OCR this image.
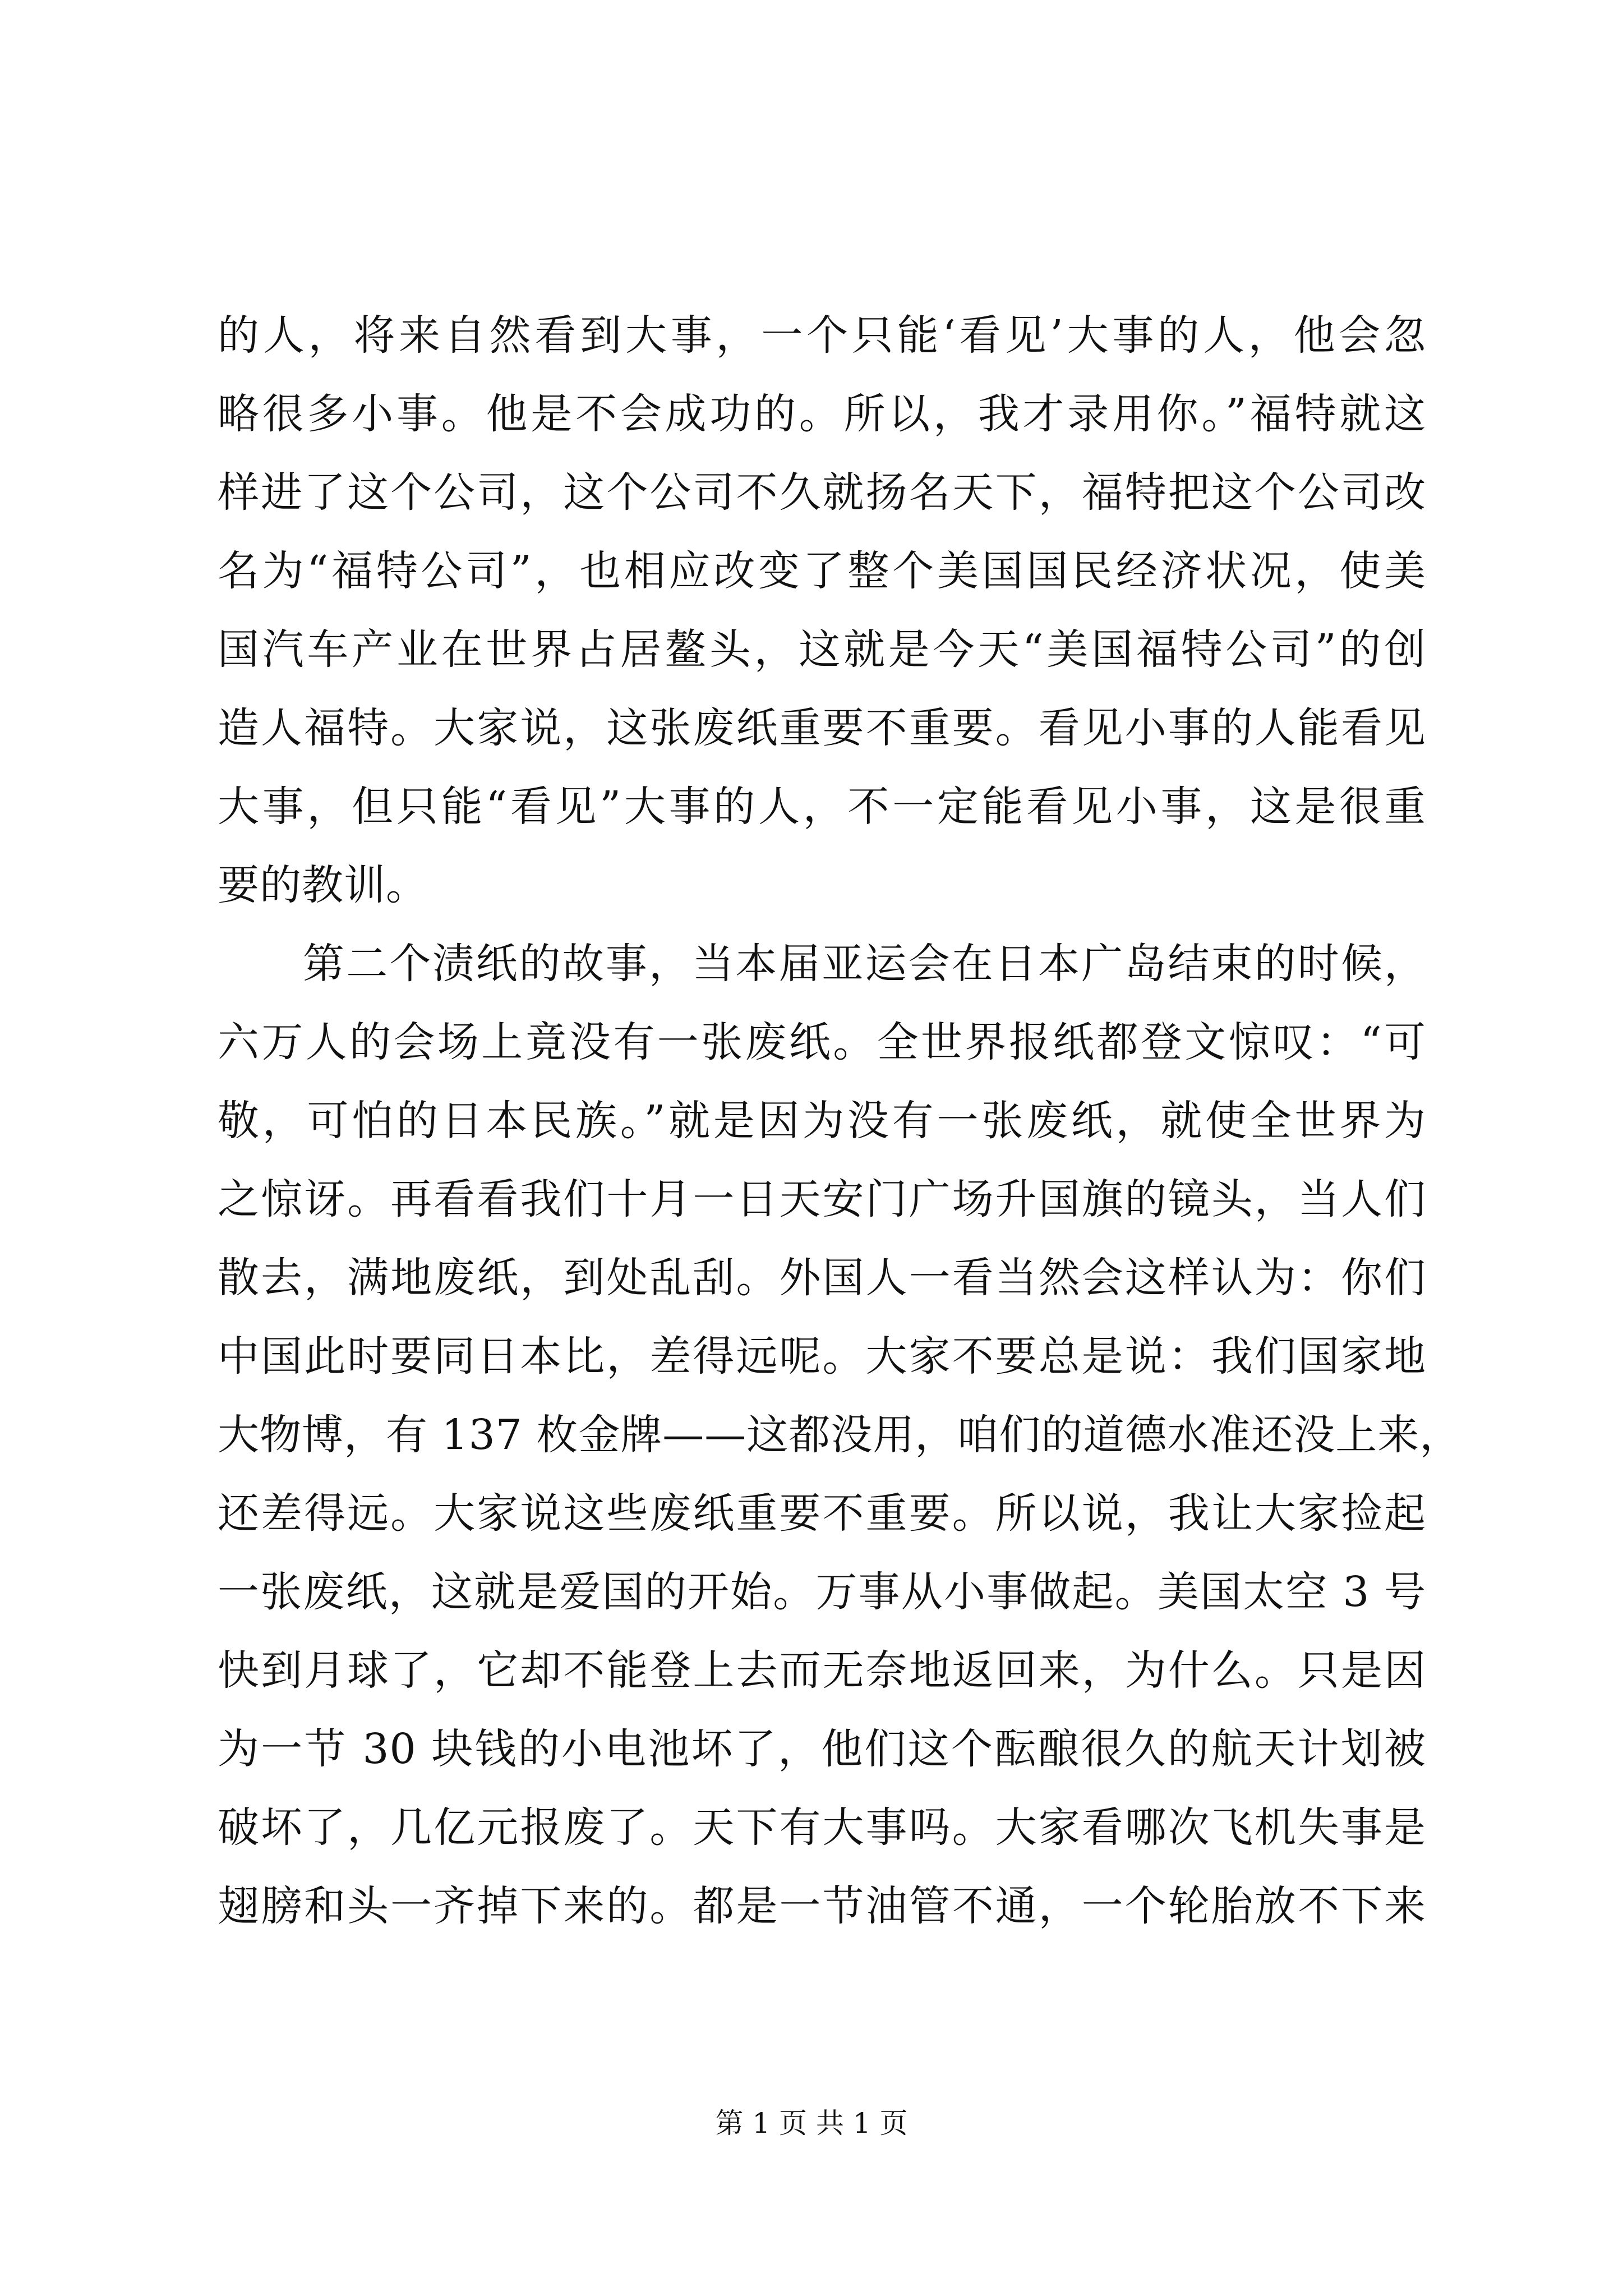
的人，将来自然看到大事，一个只能‘看见’大事的人，他会忽
略很多小事。他是不会成功的。所以，我才录用你。”福特就这
样进了这个公司，这个公司不久就扬名天下，福特把这个公司改
名为“福特公司”，也相应改变了整个美国国民经济状况，使美
国汽车产业在世界占居鳌头，这就是今天“美国福特公司”的创
造人福特。大家说，这张废纸重要不重要。看见小事的人能看见
大事，但只能“看见”大事的人，不一定能看见小事，这是很重
要的教训。
第二个渍纸的故事，当本届亚运会在日本广岛结束的时候，
六万人的会场上竟没有一张废纸。全世界报纸都登文惊叹：“可
敬，可怕的日本民族。”就是因为没有一张废纸，就使全世界为
之惊讶。再看看我们十月一日天安门广场升国旗的镜头，当人们
散去，满地废纸，到处乱刮。外国人一看当然会这样认为：你们
中国此时要同日本比，差得远呢。大家不要总是说：我们国家地
大物博，有 137 枚金牌——这都没用，咱们的道德水准还没上来，
还差得远。大家说这些废纸重要不重要。所以说，我让大家捡起
一张废纸，这就是爱国的开始。万事从小事做起。美国太空 3 号
快到月球了，它却不能登上去而无奈地返回来，为什么。只是因
为一节 30 块钱的小电池坏了，他们这个酝酿很久的航天计划被
破坏了，几亿元报废了。天下有大事吗。大家看哪次飞机失事是
翅膀和头一齐掉下来的。都是一节油管不通，一个轮胎放不下来
第 1 页 共 1 页
